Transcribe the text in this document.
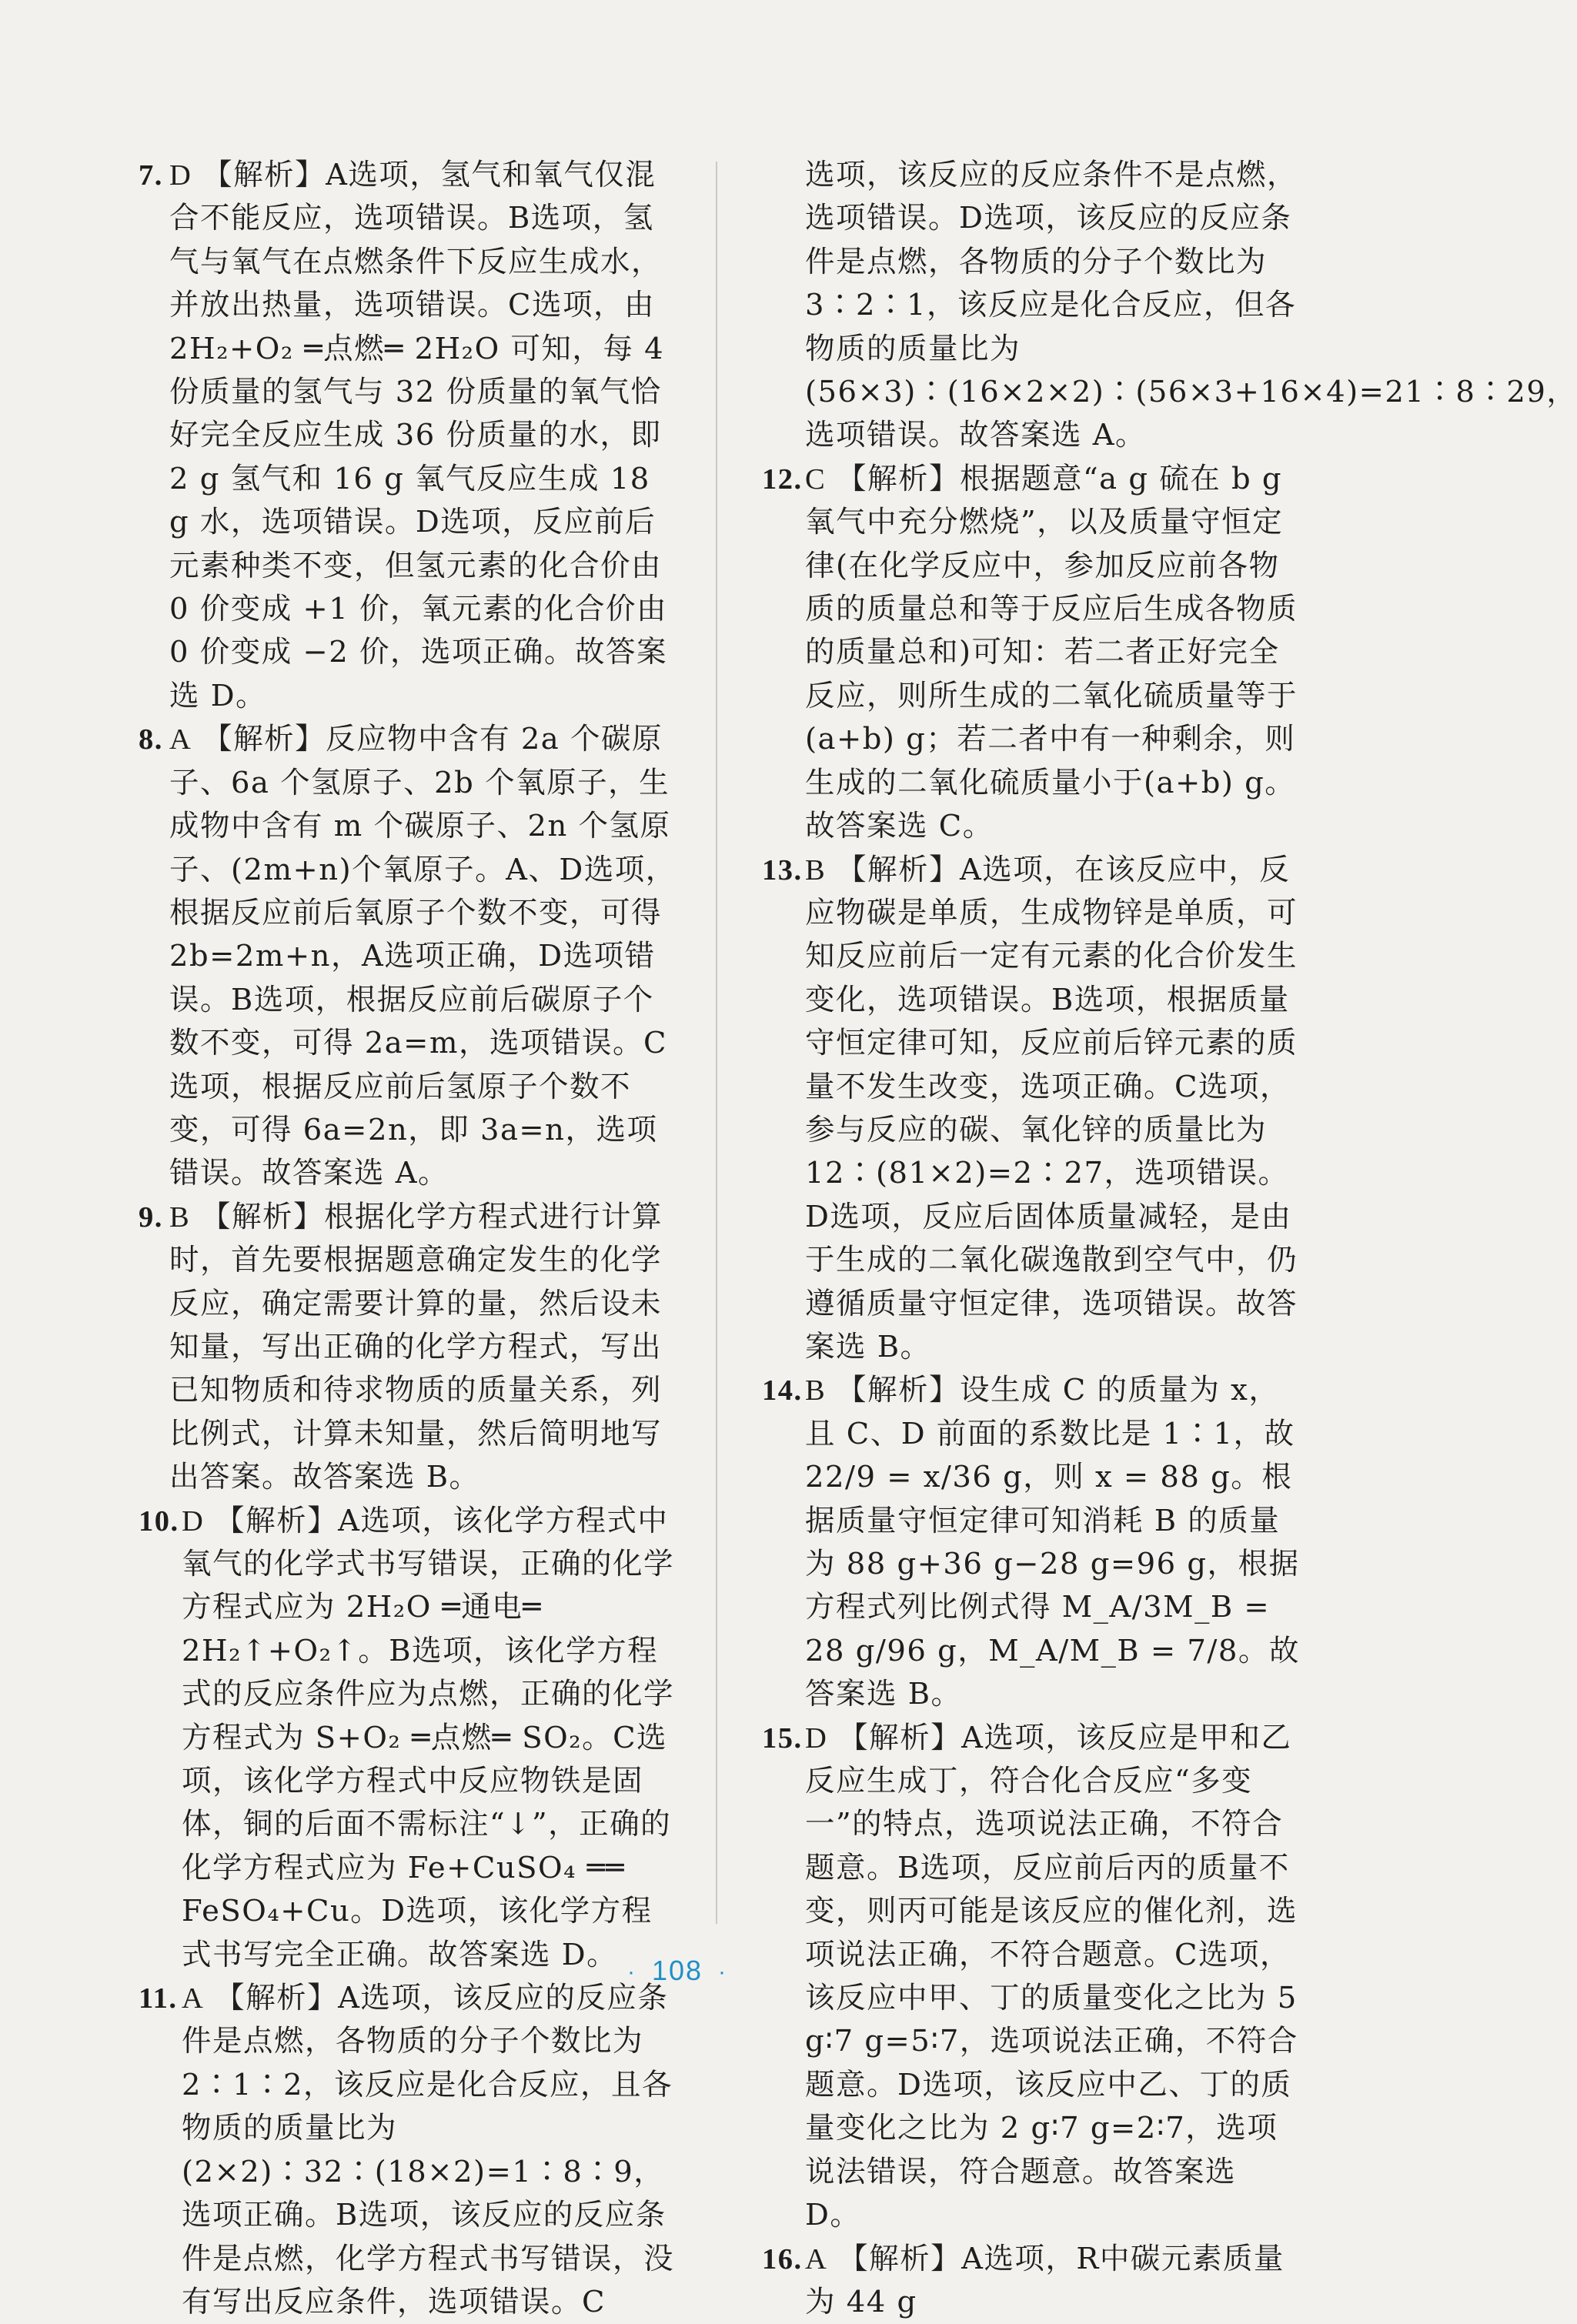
7. D 【解析】A选项，氢气和氧气仅混合不能反应，选项错误。B选项，氢气与氧气在点燃条件下反应生成水，并放出热量，选项错误。C选项，由 2H₂+O₂ ═点燃═ 2H₂O 可知，每 4 份质量的氢气与 32 份质量的氧气恰好完全反应生成 36 份质量的水，即 2 g 氢气和 16 g 氧气反应生成 18 g 水，选项错误。D选项，反应前后元素种类不变，但氢元素的化合价由 0 价变成 +1 价，氧元素的化合价由 0 价变成 −2 价，选项正确。故答案选 D。
8. A 【解析】反应物中含有 2a 个碳原子、6a 个氢原子、2b 个氧原子，生成物中含有 m 个碳原子、2n 个氢原子、(2m+n)个氧原子。A、D选项，根据反应前后氧原子个数不变，可得 2b=2m+n，A选项正确，D选项错误。B选项，根据反应前后碳原子个数不变，可得 2a=m，选项错误。C选项，根据反应前后氢原子个数不变，可得 6a=2n，即 3a=n，选项错误。故答案选 A。
9. B 【解析】根据化学方程式进行计算时，首先要根据题意确定发生的化学反应，确定需要计算的量，然后设未知量，写出正确的化学方程式，写出已知物质和待求物质的质量关系，列比例式，计算未知量，然后简明地写出答案。故答案选 B。
10. D 【解析】A选项，该化学方程式中氧气的化学式书写错误，正确的化学方程式应为 2H₂O ═通电═ 2H₂↑+O₂↑。B选项，该化学方程式的反应条件应为点燃，正确的化学方程式为 S+O₂ ═点燃═ SO₂。C选项，该化学方程式中反应物铁是固体，铜的后面不需标注“↓”，正确的化学方程式应为 Fe+CuSO₄ ══ FeSO₄+Cu。D选项，该化学方程式书写完全正确。故答案选 D。
11. A 【解析】A选项，该反应的反应条件是点燃，各物质的分子个数比为 2∶1∶2，该反应是化合反应，且各物质的质量比为(2×2)∶32∶(18×2)=1∶8∶9，选项正确。B选项，该反应的反应条件是点燃，化学方程式书写错误，没有写出反应条件，选项错误。C
选项，该反应的反应条件不是点燃，选项错误。D选项，该反应的反应条件是点燃，各物质的分子个数比为 3∶2∶1，该反应是化合反应，但各物质的质量比为(56×3)∶(16×2×2)∶(56×3+16×4)=21∶8∶29，选项错误。故答案选 A。
12. C 【解析】根据题意“a g 硫在 b g 氧气中充分燃烧”，以及质量守恒定律(在化学反应中，参加反应前各物质的质量总和等于反应后生成各物质的质量总和)可知：若二者正好完全反应，则所生成的二氧化硫质量等于(a+b) g；若二者中有一种剩余，则生成的二氧化硫质量小于(a+b) g。故答案选 C。
13. B 【解析】A选项，在该反应中，反应物碳是单质，生成物锌是单质，可知反应前后一定有元素的化合价发生变化，选项错误。B选项，根据质量守恒定律可知，反应前后锌元素的质量不发生改变，选项正确。C选项，参与反应的碳、氧化锌的质量比为 12∶(81×2)=2∶27，选项错误。D选项，反应后固体质量减轻，是由于生成的二氧化碳逸散到空气中，仍遵循质量守恒定律，选项错误。故答案选 B。
14. B 【解析】设生成 C 的质量为 x，且 C、D 前面的系数比是 1∶1，故 22/9 = x/36 g，则 x = 88 g。根据质量守恒定律可知消耗 B 的质量为 88 g+36 g−28 g=96 g，根据方程式列比例式得 M_A/3M_B = 28 g/96 g，M_A/M_B = 7/8。故答案选 B。
15. D 【解析】A选项，该反应是甲和乙反应生成丁，符合化合反应“多变一”的特点，选项说法正确，不符合题意。B选项，反应前后丙的质量不变，则丙可能是该反应的催化剂，选项说法正确，不符合题意。C选项，该反应中甲、丁的质量变化之比为 5 g∶7 g=5∶7，选项说法正确，不符合题意。D选项，该反应中乙、丁的质量变化之比为 2 g∶7 g=2∶7，选项说法错误，符合题意。故答案选 D。
16. A 【解析】A选项，R中碳元素质量为 44 g
· 108 ·
